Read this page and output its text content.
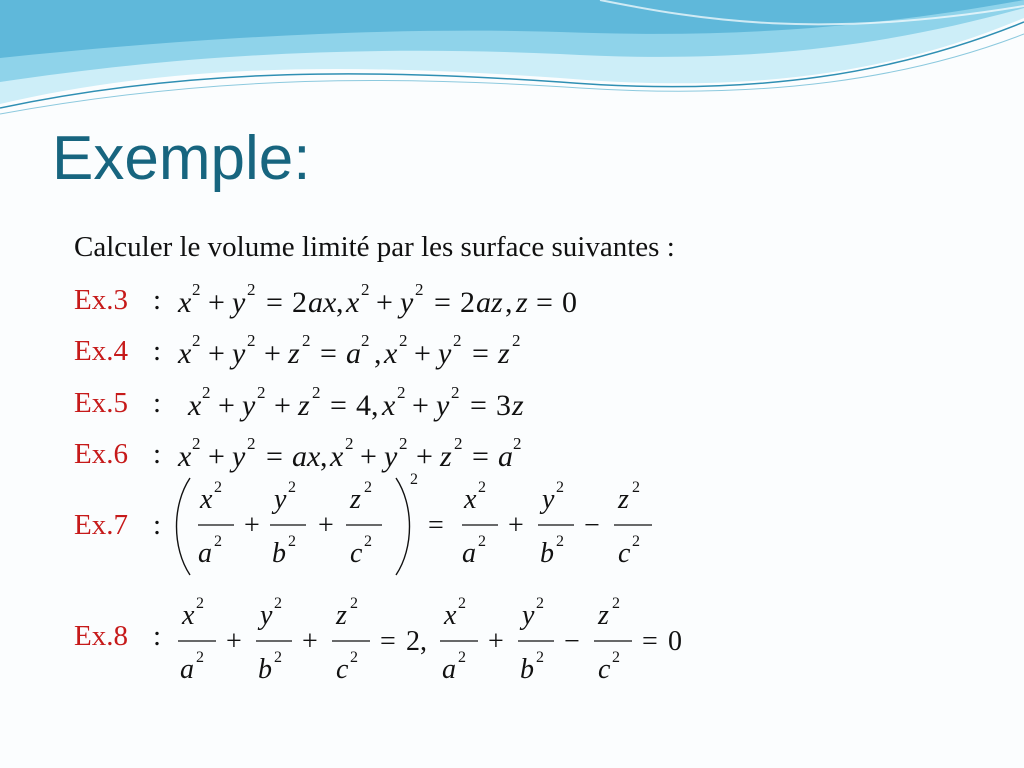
Exemple:
Calculer le volume limité par les surface suivantes :
Ex.3 : x 2 + y 2 = 2 ax , x 2 + y 2 = 2 az , z = 0
Ex.4 : x 2 + y 2 + z 2 = a 2 , x 2 + y 2 = z 2
Ex.5 : x 2 + y 2 + z 2 = 4, x 2 + y 2 = 3 z
Ex.6 : x 2 + y 2 = ax , x 2 + y 2 + z 2 = a 2
Ex.7 :
x 2
a 2
+
y 2
b 2
+
z 2
c 2
2
=
x 2
a 2
+
y 2
b 2
−
z 2
c 2
Ex.8 :
x 2
a 2
+
y 2
b 2
+
z 2
c 2
= 2,
x 2
a 2
+
y 2
b 2
−
z 2
c 2
= 0
